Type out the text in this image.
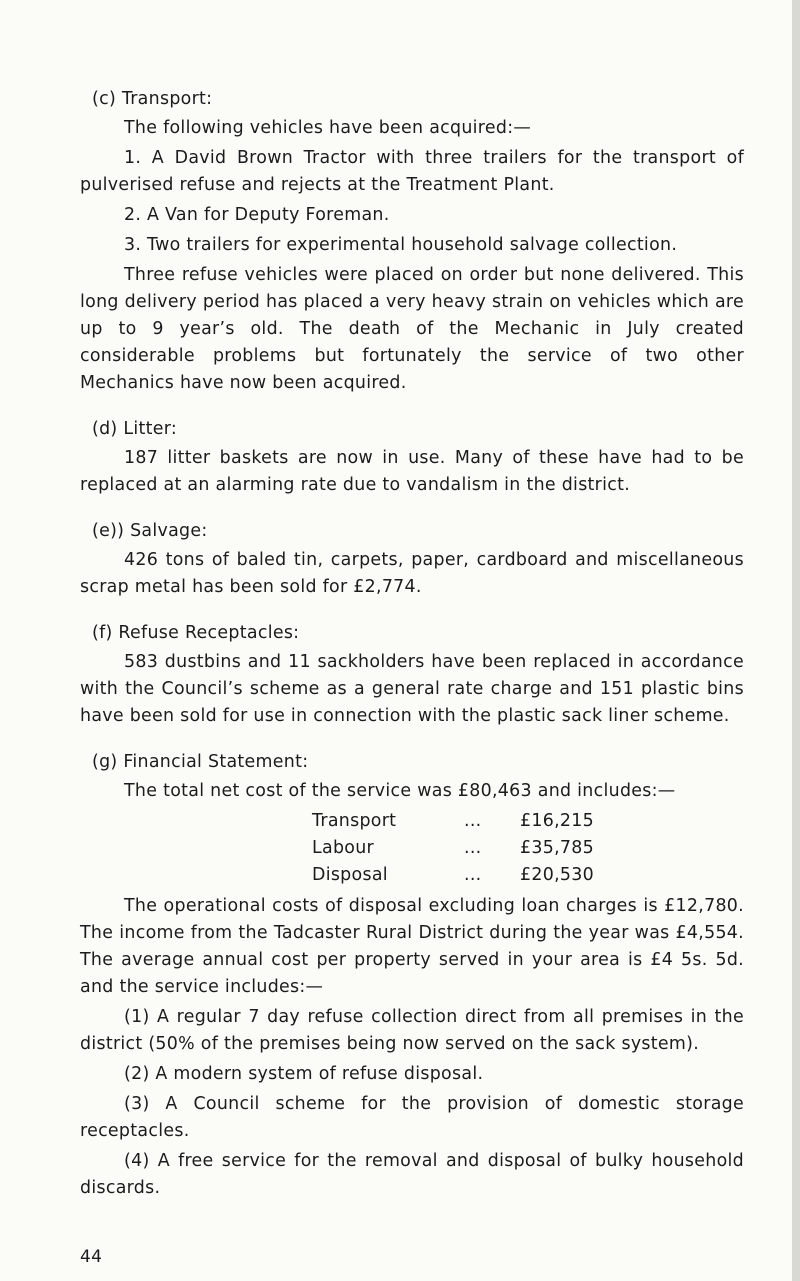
(c) Transport:

The following vehicles have been acquired:—

1. A David Brown Tractor with three trailers for the transport of pulverised refuse and rejects at the Treatment Plant.

2. A Van for Deputy Foreman.

3. Two trailers for experimental household salvage collection.

Three refuse vehicles were placed on order but none delivered. This long delivery period has placed a very heavy strain on vehicles which are up to 9 year’s old. The death of the Mechanic in July created considerable problems but fortunately the service of two other Mechanics have now been acquired.

(d) Litter:

187 litter baskets are now in use. Many of these have had to be replaced at an alarming rate due to vandalism in the district.

(e)) Salvage:

426 tons of baled tin, carpets, paper, cardboard and miscellaneous scrap metal has been sold for £2,774.

(f) Refuse Receptacles:

583 dustbins and 11 sackholders have been replaced in accordance with the Council’s scheme as a general rate charge and 151 plastic bins have been sold for use in connection with the plastic sack liner scheme.

(g) Financial Statement:

The total net cost of the service was £80,463 and includes:—

Transport	...	£16,215
Labour	...	£35,785
Disposal	...	£20,530

The operational costs of disposal excluding loan charges is £12,780. The income from the Tadcaster Rural District during the year was £4,554. The average annual cost per property served in your area is £4 5s. 5d. and the service includes:—

(1) A regular 7 day refuse collection direct from all premises in the district (50% of the premises being now served on the sack system).

(2) A modern system of refuse disposal.

(3) A Council scheme for the provision of domestic storage receptacles.

(4) A free service for the removal and disposal of bulky household discards.

44
